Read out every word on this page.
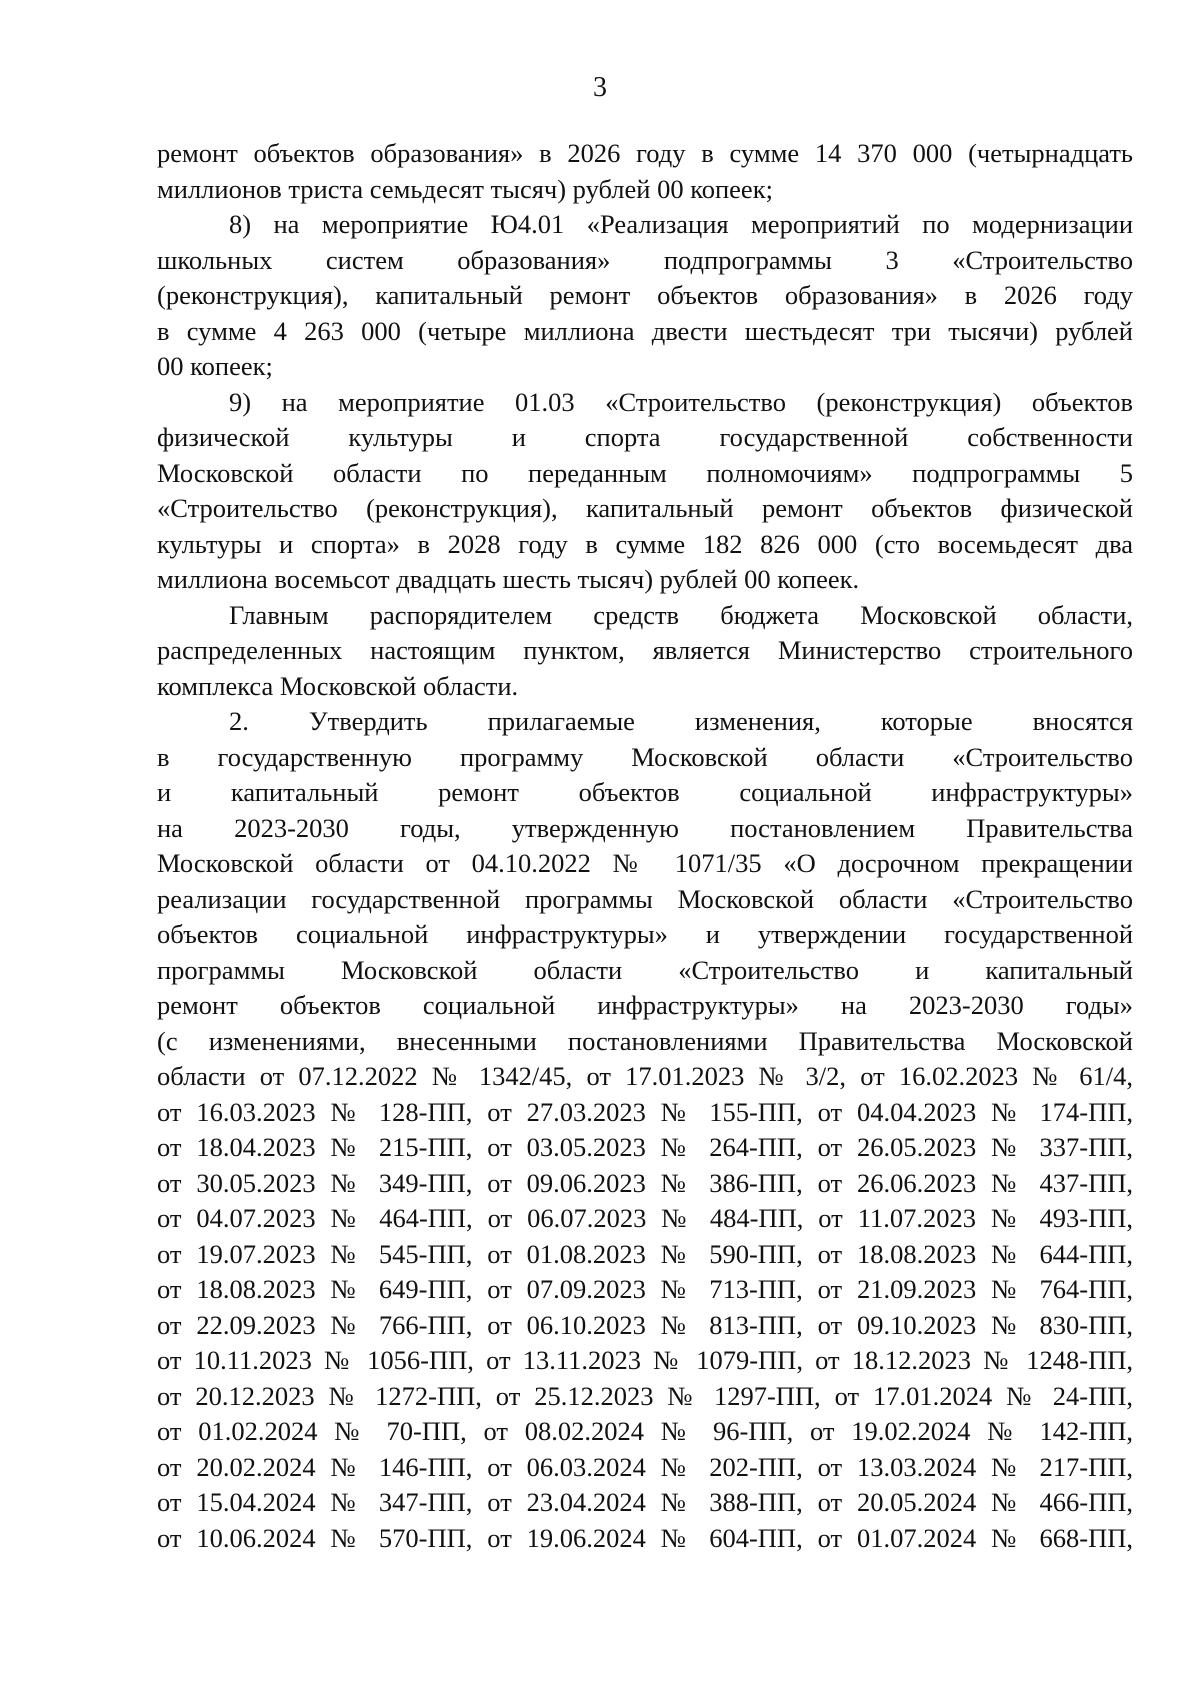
3
ремонт объектов образования» в 2026 году в сумме 14 370 000 (четырнадцать
миллионов триста семьдесят тысяч) рублей 00 копеек;
8) на мероприятие Ю4.01 «Реализация мероприятий по модернизации
школьных систем образования» подпрограммы 3 «Строительство
(реконструкция), капитальный ремонт объектов образования» в 2026 году
в сумме 4 263 000 (четыре миллиона двести шестьдесят три тысячи) рублей
00 копеек;
9) на мероприятие 01.03 «Строительство (реконструкция) объектов
физической культуры и спорта государственной собственности
Московской области по переданным полномочиям» подпрограммы 5
«Строительство (реконструкция), капитальный ремонт объектов физической
культуры и спорта» в 2028 году в сумме 182 826 000 (сто восемьдесят два
миллиона восемьсот двадцать шесть тысяч) рублей 00 копеек.
Главным распорядителем средств бюджета Московской области,
распределенных настоящим пунктом, является Министерство строительного
комплекса Московской области.
2. Утвердить прилагаемые изменения, которые вносятся
в государственную программу Московской области «Строительство
и капитальный ремонт объектов социальной инфраструктуры»
на 2023-2030 годы, утвержденную постановлением Правительства
Московской области от 04.10.2022 № 1071/35 «О досрочном прекращении
реализации государственной программы Московской области «Строительство
объектов социальной инфраструктуры» и утверждении государственной
программы Московской области «Строительство и капитальный
ремонт объектов социальной инфраструктуры» на 2023-2030 годы»
(с изменениями, внесенными постановлениями Правительства Московской
области от 07.12.2022 № 1342/45, от 17.01.2023 № 3/2, от 16.02.2023 № 61/4,
от 16.03.2023 № 128-ПП, от 27.03.2023 № 155-ПП, от 04.04.2023 № 174-ПП,
от 18.04.2023 № 215-ПП, от 03.05.2023 № 264-ПП, от 26.05.2023 № 337-ПП,
от 30.05.2023 № 349-ПП, от 09.06.2023 № 386-ПП, от 26.06.2023 № 437-ПП,
от 04.07.2023 № 464-ПП, от 06.07.2023 № 484-ПП, от 11.07.2023 № 493-ПП,
от 19.07.2023 № 545-ПП, от 01.08.2023 № 590-ПП, от 18.08.2023 № 644-ПП,
от 18.08.2023 № 649-ПП, от 07.09.2023 № 713-ПП, от 21.09.2023 № 764-ПП,
от 22.09.2023 № 766-ПП, от 06.10.2023 № 813-ПП, от 09.10.2023 № 830-ПП,
от 10.11.2023 № 1056-ПП, от 13.11.2023 № 1079-ПП, от 18.12.2023 № 1248-ПП,
от 20.12.2023 № 1272-ПП, от 25.12.2023 № 1297-ПП, от 17.01.2024 № 24-ПП,
от 01.02.2024 № 70-ПП, от 08.02.2024 № 96-ПП, от 19.02.2024 № 142-ПП,
от 20.02.2024 № 146-ПП, от 06.03.2024 № 202-ПП, от 13.03.2024 № 217-ПП,
от 15.04.2024 № 347-ПП, от 23.04.2024 № 388-ПП, от 20.05.2024 № 466-ПП,
от 10.06.2024 № 570-ПП, от 19.06.2024 № 604-ПП, от 01.07.2024 № 668-ПП,
